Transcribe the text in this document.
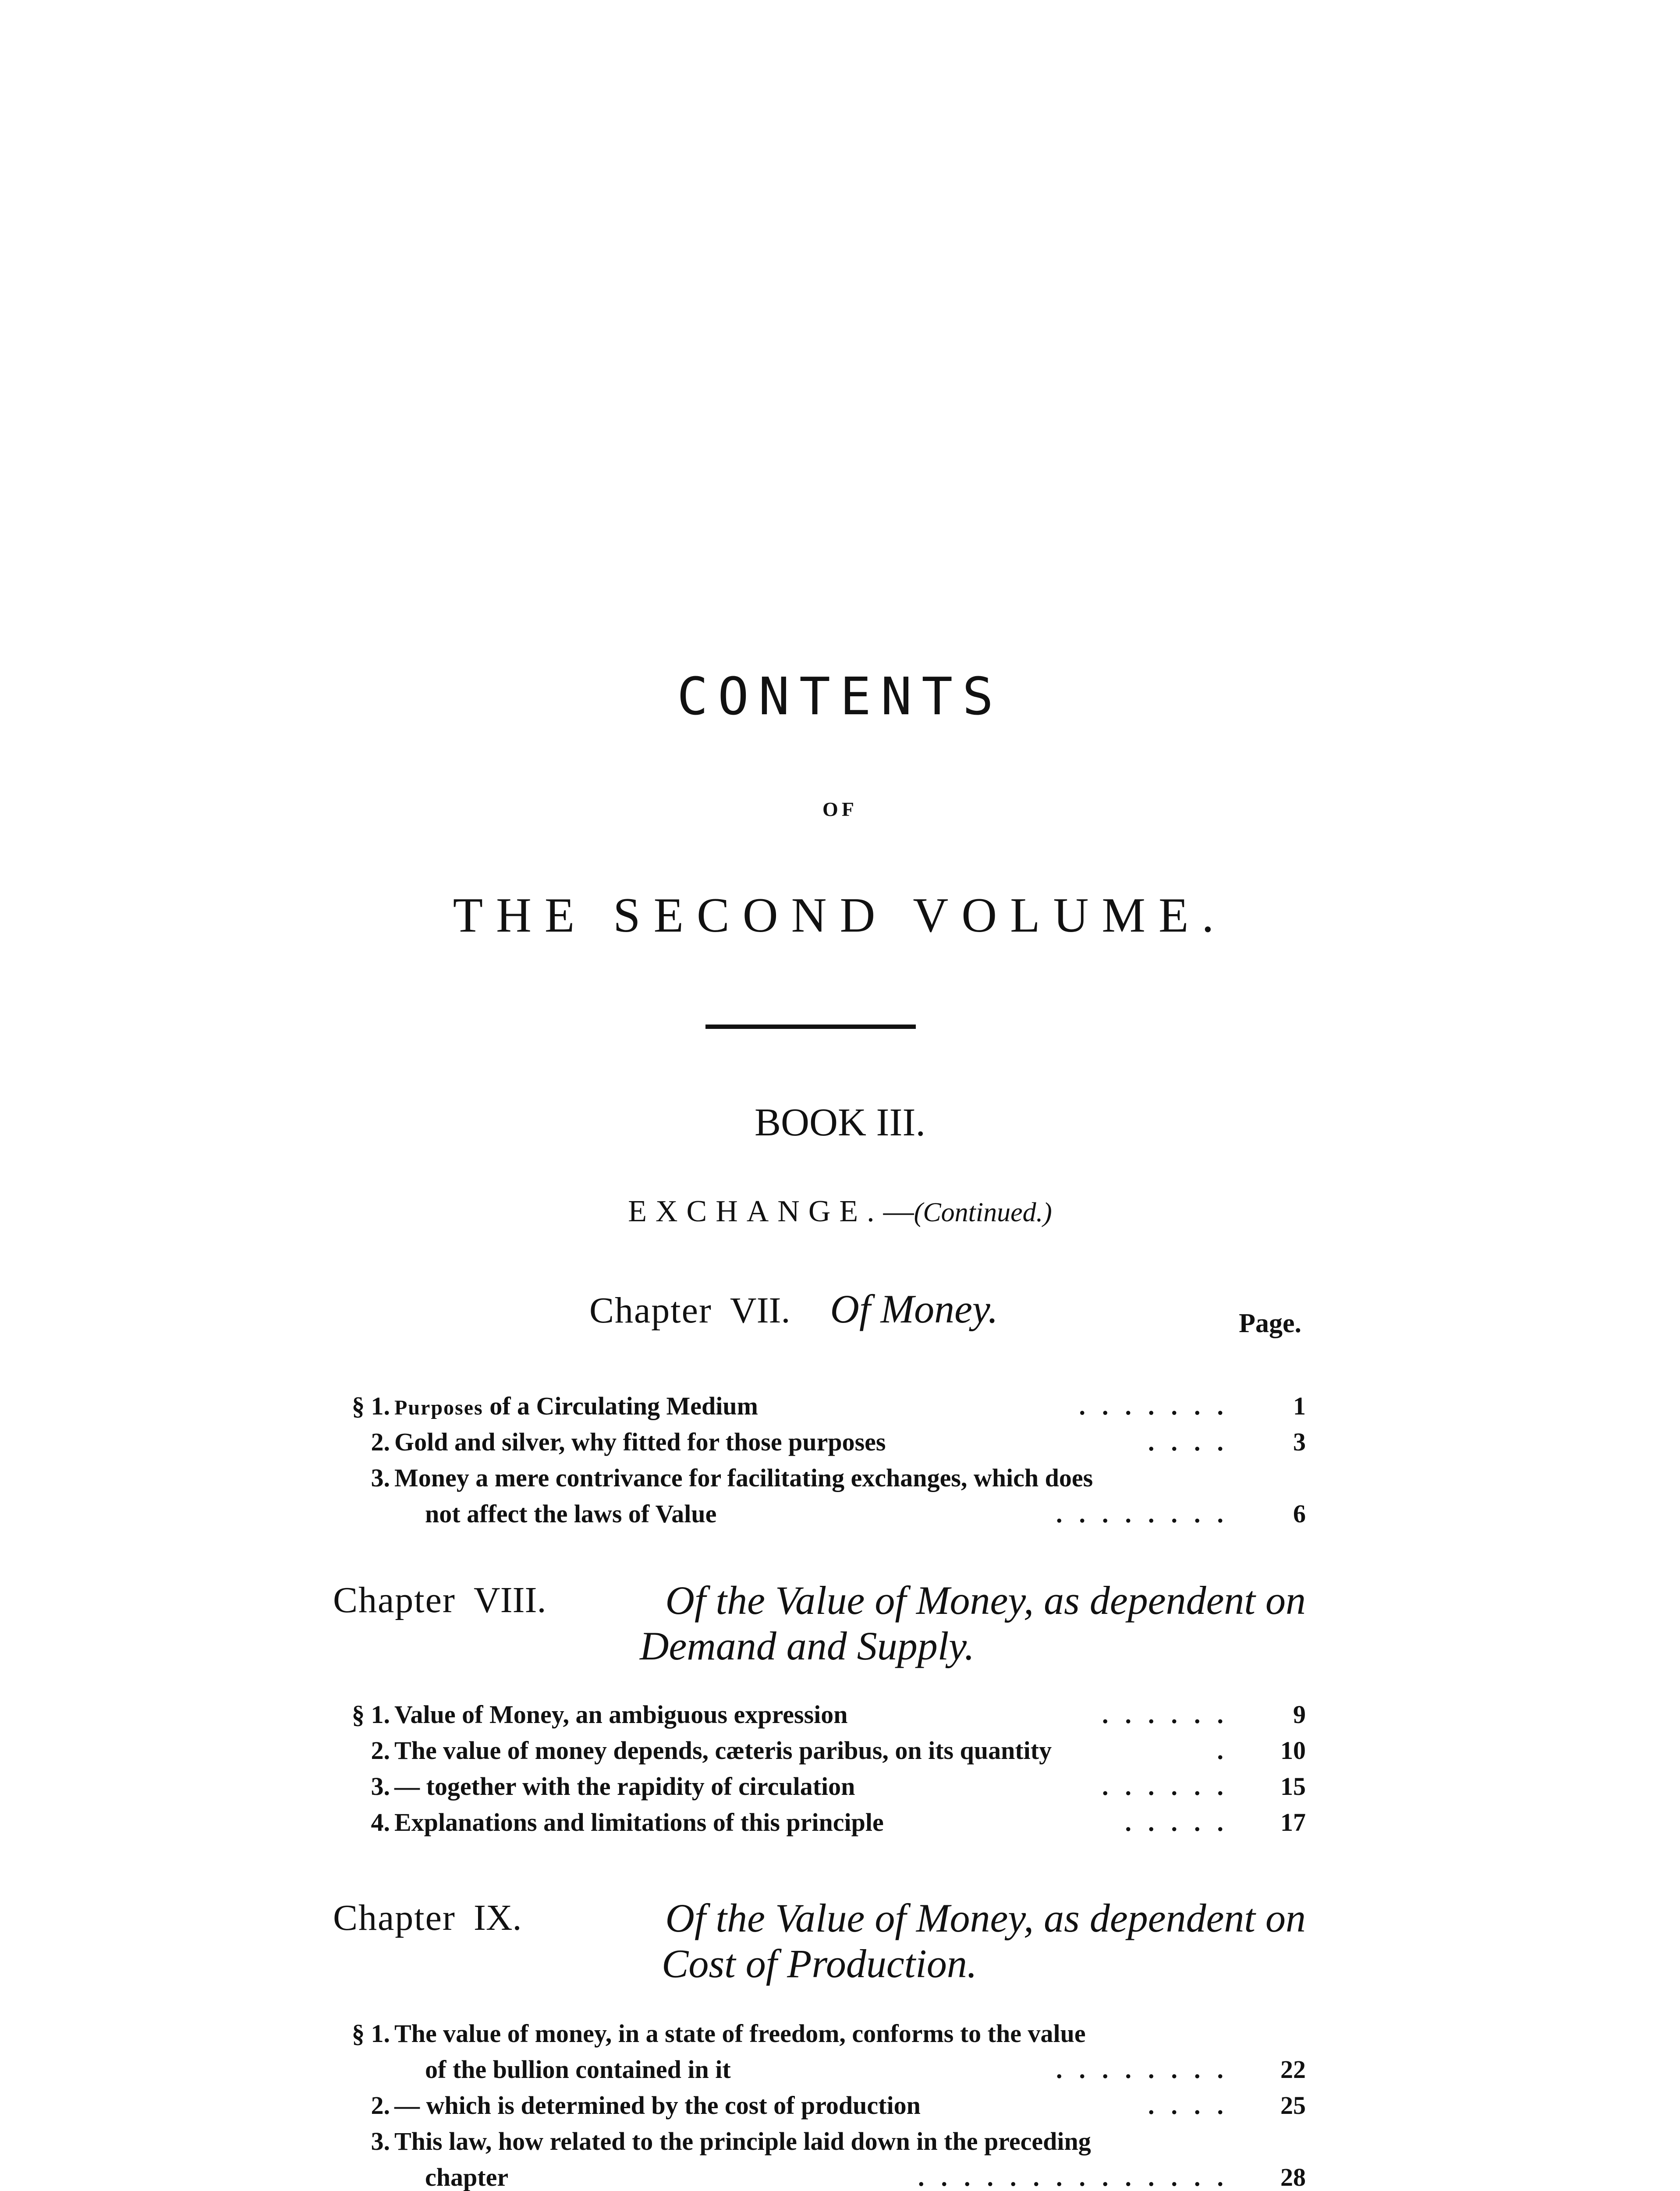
CONTENTS
OF
THE SECOND VOLUME.
BOOK III.
EXCHANGE.—(Continued.)
Chapter VII. Of Money.	Page.
§ 1. Purposes of a Circulating Medium	.......	1
2. Gold and silver, why fitted for those purposes	....	3
3. Money a mere contrivance for facilitating exchanges, which does
not affect the laws of Value	........	6
Chapter VIII.	Of the Value of Money, as dependent on
Demand and Supply.
§ 1. Value of Money, an ambiguous expression	......	9
2. The value of money depends, cæteris paribus, on its quantity	.	10
3. — together with the rapidity of circulation	......	15
4. Explanations and limitations of this principle	.....	17
Chapter IX.	Of the Value of Money, as dependent on
Cost of Production.
§ 1. The value of money, in a state of freedom, conforms to the value
of the bullion contained in it	........	22
2. — which is determined by the cost of production	....	25
3. This law, how related to the principle laid down in the preceding
chapter	..............	28
